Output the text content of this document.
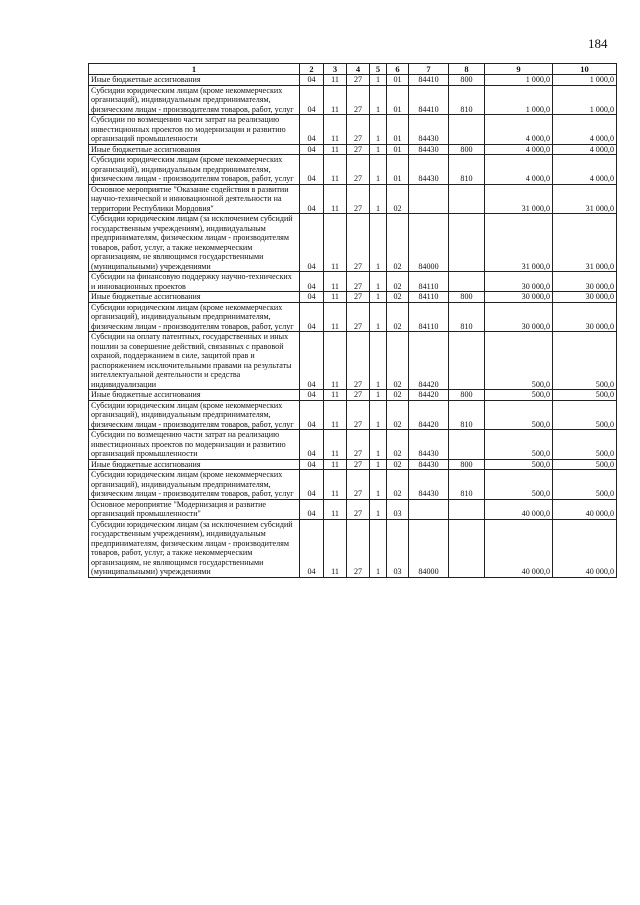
184
1	2	3	4	5	6	7	8	9	10
Иные бюджетные ассигнования	04	11	27	1	01	84410	800	1 000,0	1 000,0
Субсидии юридическим лицам (кроме некоммерческих организаций), индивидуальным предпринимателям, физическим лицам - производителям товаров, работ, услуг	04	11	27	1	01	84410	810	1 000,0	1 000,0
Субсидии по возмещению части затрат на реализацию инвестиционных проектов по модернизации и развитию организаций промышленности	04	11	27	1	01	84430		4 000,0	4 000,0
Иные бюджетные ассигнования	04	11	27	1	01	84430	800	4 000,0	4 000,0
Субсидии юридическим лицам (кроме некоммерческих организаций), индивидуальным предпринимателям, физическим лицам - производителям товаров, работ, услуг	04	11	27	1	01	84430	810	4 000,0	4 000,0
Основное мероприятие "Оказание содействия в развитии научно-технической и инновационной деятельности на территории Республики Мордовия"	04	11	27	1	02			31 000,0	31 000,0
Субсидии юридическим лицам (за исключением субсидий государственным учреждениям), индивидуальным предпринимателям, физическим лицам - производителям товаров, работ, услуг, а также некоммерческим организациям, не являющимся государственными (муниципальными) учреждениями	04	11	27	1	02	84000		31 000,0	31 000,0
Субсидии на финансовую поддержку научно-технических и инновационных проектов	04	11	27	1	02	84110		30 000,0	30 000,0
Иные бюджетные ассигнования	04	11	27	1	02	84110	800	30 000,0	30 000,0
Субсидии юридическим лицам (кроме некоммерческих организаций), индивидуальным предпринимателям, физическим лицам - производителям товаров, работ, услуг	04	11	27	1	02	84110	810	30 000,0	30 000,0
Субсидии на оплату патентных, государственных и иных пошлин за совершение действий, связанных с правовой охраной, поддержанием в силе, защитой прав и распоряжением исключительными правами на результаты интеллектуальной деятельности и средства индивидуализации	04	11	27	1	02	84420		500,0	500,0
Иные бюджетные ассигнования	04	11	27	1	02	84420	800	500,0	500,0
Субсидии юридическим лицам (кроме некоммерческих организаций), индивидуальным предпринимателям, физическим лицам - производителям товаров, работ, услуг	04	11	27	1	02	84420	810	500,0	500,0
Субсидии по возмещению части затрат на реализацию инвестиционных проектов по модернизации и развитию организаций промышленности	04	11	27	1	02	84430		500,0	500,0
Иные бюджетные ассигнования	04	11	27	1	02	84430	800	500,0	500,0
Субсидии юридическим лицам (кроме некоммерческих организаций), индивидуальным предпринимателям, физическим лицам - производителям товаров, работ, услуг	04	11	27	1	02	84430	810	500,0	500,0
Основное мероприятие "Модернизация и развитие организаций промышленности"	04	11	27	1	03			40 000,0	40 000,0
Субсидии юридическим лицам (за исключением субсидий государственным учреждениям), индивидуальным предпринимателям, физическим лицам - производителям товаров, работ, услуг, а также некоммерческим организациям, не являющимся государственными (муниципальными) учреждениями	04	11	27	1	03	84000		40 000,0	40 000,0
